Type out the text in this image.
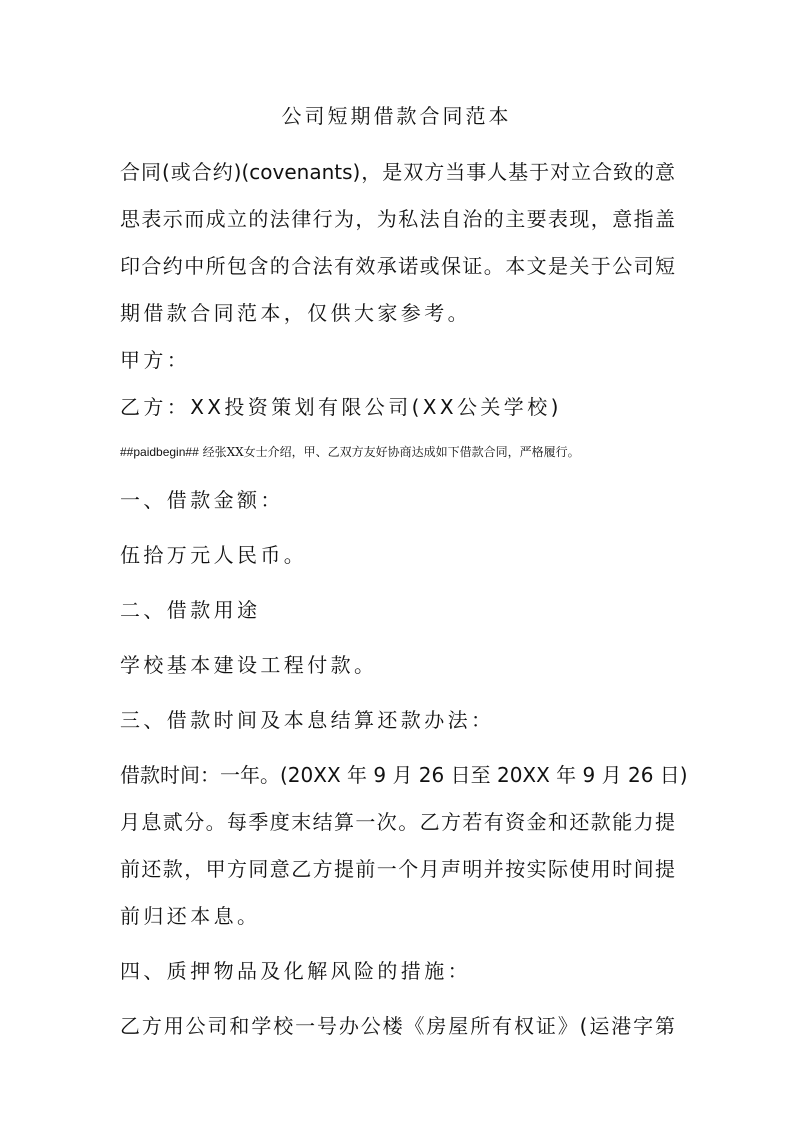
公司短期借款合同范本
合同(或合约)(covenants)，是双方当事人基于对立合致的意
思表示而成立的法律行为，为私法自治的主要表现，意指盖
印合约中所包含的合法有效承诺或保证。本文是关于公司短
期借款合同范本，仅供大家参考。
甲方：
乙方：XX投资策划有限公司(XX公关学校)
##paidbegin## 经张XX女士介绍，甲、乙双方友好协商达成如下借款合同，严格履行。
一、借款金额：
伍拾万元人民币。
二、借款用途
学校基本建设工程付款。
三、借款时间及本息结算还款办法：
借款时间：一年。(20XX 年 9 月 26 日至 20XX 年 9 月 26 日)
月息贰分。每季度末结算一次。乙方若有资金和还款能力提
前还款，甲方同意乙方提前一个月声明并按实际使用时间提
前归还本息。
四、质押物品及化解风险的措施：
乙方用公司和学校一号办公楼《房屋所有权证》(运港字第
